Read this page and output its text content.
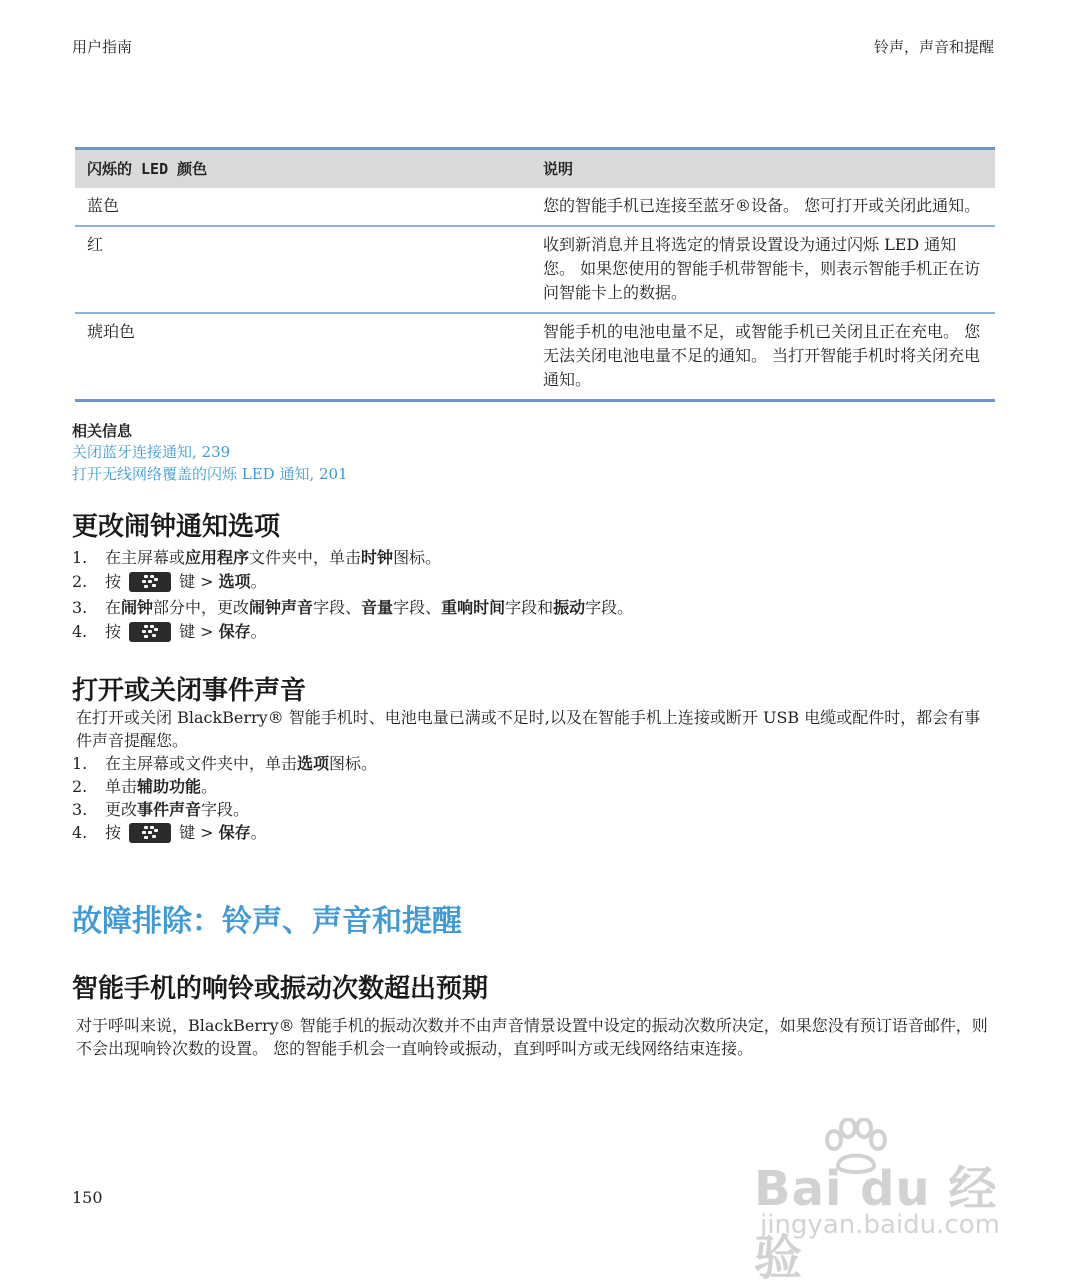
用户指南	铃声，声音和提醒
闪烁的 LED 颜色	说明
蓝色	您的智能手机已连接至蓝牙®设备。 您可打开或关闭此通知。

红	收到新消息并且将选定的情景设置设为通过闪烁 LED 通知您。 如果您使用的智能手机带智能卡，则表示智能手机正在访问智能卡上的数据。

琥珀色	智能手机的电池电量不足，或智能手机已关闭且正在充电。 您无法关闭电池电量不足的通知。 当打开智能手机时将关闭充电通知。
相关信息
关闭蓝牙连接通知, 239
打开无线网络覆盖的闪烁 LED 通知, 201
更改闹钟通知选项
1.	在主屏幕或 应用程序 文件夹中，单击 时钟 图标。
2.	按	键 >
选项 。
3.	在 闹钟 部分中，更改 闹钟声音 字段、 音量 字段、 重响时间 字段和 振动 字段。
4.	按	键 >
保存 。
打开或关闭事件声音
在打开或关闭 BlackBerry® 智能手机时、电池电量已满或不足时,以及在智能手机上连接或断开 USB 电缆或配件时，都会有事件声音提醒您。
1.	在主屏幕或文件夹中，单击 选项 图标。
2.	单击 辅助功能 。
3.	更改 事件声音 字段。
4.	按	键 >
保存 。
故障排除：铃声、声音和提醒
智能手机的响铃或振动次数超出预期
对于呼叫来说，BlackBerry® 智能手机的振动次数并不由声音情景设置中设定的振动次数所决定，如果您没有预订语音邮件，则不会出现响铃次数的设置。 您的智能手机会一直响铃或振动，直到呼叫方或无线网络结束连接。
150	Bai du 经验
jingyan.baidu.com
